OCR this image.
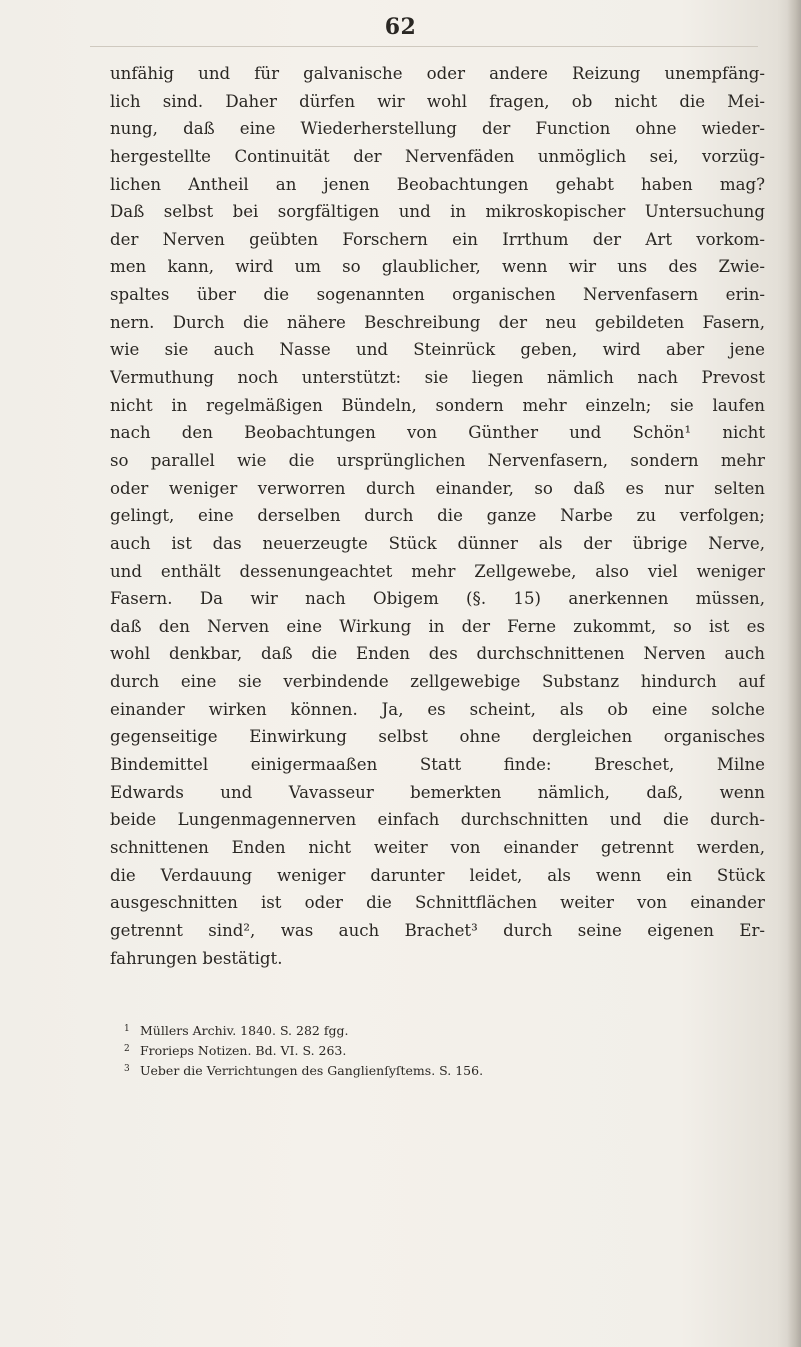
62
unfähig und für galvanische oder andere Reizung unempfäng-
lich sind. Daher dürfen wir wohl fragen, ob nicht die Mei-
nung, daß eine Wiederherstellung der Function ohne wieder-
hergestellte Continuität der Nervenfäden unmöglich sei, vorzüg-
lichen Antheil an jenen Beobachtungen gehabt haben mag?
Daß selbst bei sorgfältigen und in mikroskopischer Untersuchung
der Nerven geübten Forschern ein Irrthum der Art vorkom-
men kann, wird um so glaublicher, wenn wir uns des Zwie-
spaltes über die sogenannten organischen Nervenfasern erin-
nern. Durch die nähere Beschreibung der neu gebildeten Fasern,
wie sie auch Nasse und Steinrück geben, wird aber jene
Vermuthung noch unterstützt: sie liegen nämlich nach Prevost
nicht in regelmäßigen Bündeln, sondern mehr einzeln; sie laufen
nach den Beobachtungen von Günther und Schön¹ nicht
so parallel wie die ursprünglichen Nervenfasern, sondern mehr
oder weniger verworren durch einander, so daß es nur selten
gelingt, eine derselben durch die ganze Narbe zu verfolgen;
auch ist das neuerzeugte Stück dünner als der übrige Nerve,
und enthält dessenungeachtet mehr Zellgewebe, also viel weniger
Fasern. Da wir nach Obigem (§. 15) anerkennen müssen,
daß den Nerven eine Wirkung in der Ferne zukommt, so ist es
wohl denkbar, daß die Enden des durchschnittenen Nerven auch
durch eine sie verbindende zellgewebige Substanz hindurch auf
einander wirken können. Ja, es scheint, als ob eine solche
gegenseitige Einwirkung selbst ohne dergleichen organisches
Bindemittel einigermaaßen Statt finde: Breschet, Milne
Edwards und Vavasseur bemerkten nämlich, daß, wenn
beide Lungenmagennerven einfach durchschnitten und die durch-
schnittenen Enden nicht weiter von einander getrennt werden,
die Verdauung weniger darunter leidet, als wenn ein Stück
ausgeschnitten ist oder die Schnittflächen weiter von einander
getrennt sind², was auch Brachet³ durch seine eigenen Er-
fahrungen bestätigt.
1 Müllers Archiv. 1840. S. 282 fgg.
2 Frorieps Notizen. Bd. VI. S. 263.
3 Ueber die Verrichtungen des Ganglienſyſtems. S. 156.
